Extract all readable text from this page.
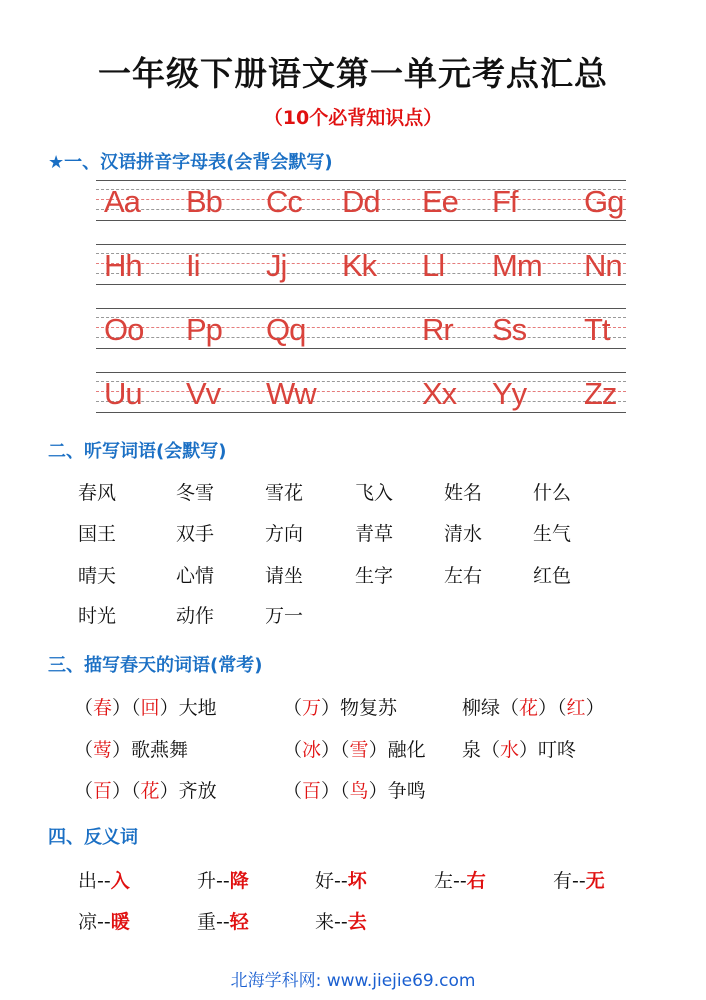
一年级下册语文第一单元考点汇总
（10个必背知识点）
★一、汉语拼音字母表(会背会默写)
Aa Bb Cc Dd Ee Ff Gg
Hh Ii Jj Kk Ll Mm Nn
Oo Pp Qq	Rr Ss Tt
Uu Vv Ww	Xx Yy Zz
二、听写词语(会默写)
春风	冬雪	雪花	飞入	姓名	什么
国王	双手	方向	青草	清水	生气
晴天	心情	请坐	生字	左右	红色
时光	动作	万一
三、描写春天的词语(常考)
（春）（回）大地	（万）物复苏	柳绿（花）（红）
（莺）歌燕舞	（冰）（雪）融化 泉（水）叮咚
（百）（花）齐放	（百）（鸟）争鸣
四、反义词
出--入	升--降	好--坏	左--右	有--无
凉--暖	重--轻	来--去
北海学科网: www.jiejie69.com
